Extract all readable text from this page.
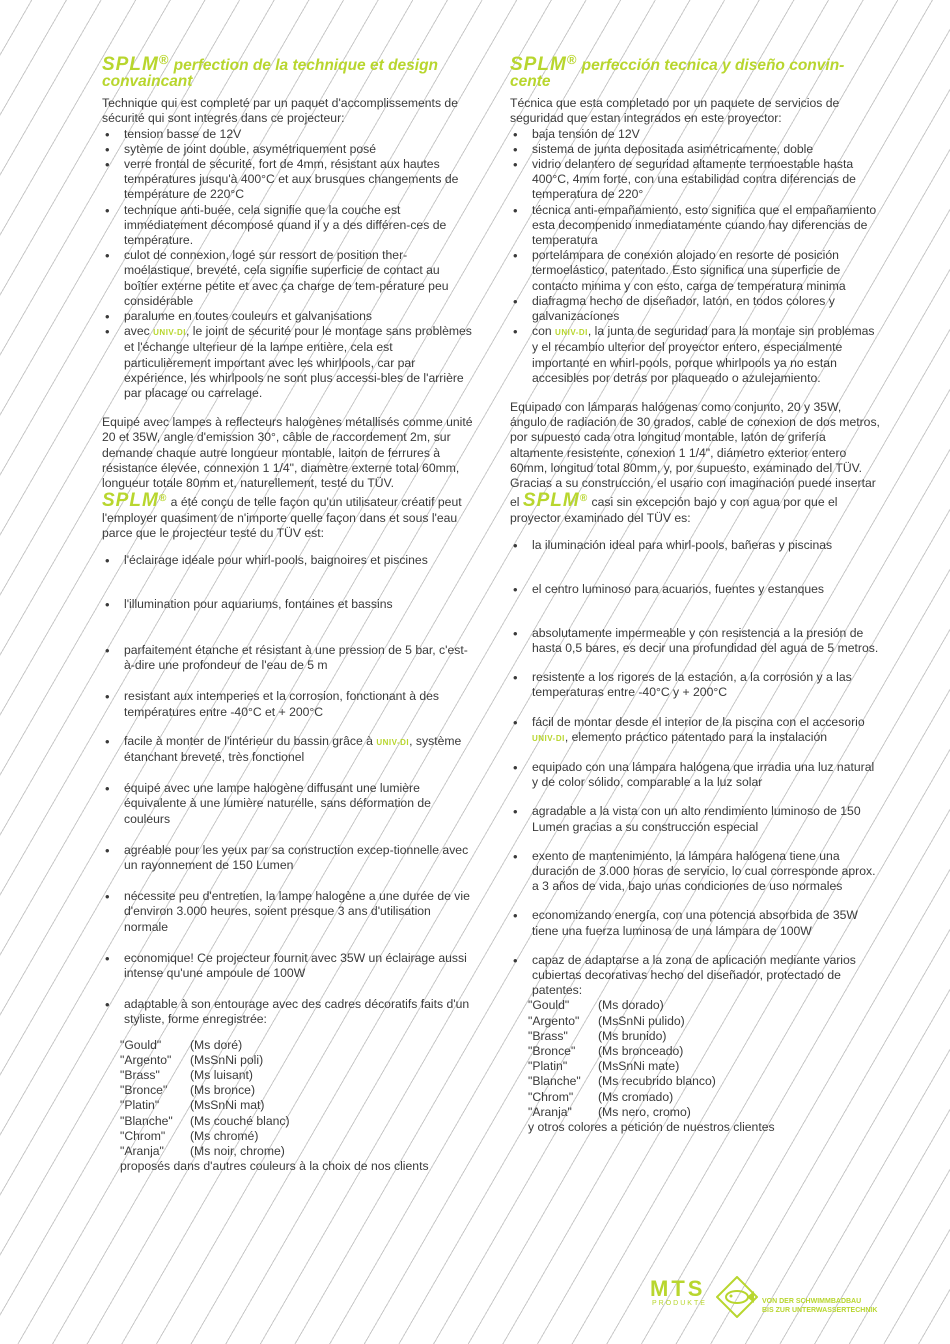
SPLM® perfection de la technique et design convaincant

Technique qui est completé par un paquet d'accomplissements de sécurité qui sont integrés dans ce projecteur:

• tension basse de 12V
• sytème de joint double, asymétriquement posé
• verre frontal de sécurité, fort de 4mm, résistant aux hautes températures jusqu'à 400°C et aux brusques changements de température de 220°C
• technique anti-buée, cela signifie que la couche est immédiatement décomposé quand il y a des différen-ces de température.
• culot de connexion, logé sur ressort de position ther-moélastique, breveté, cela signifie superficie de contact au boîtier externe petite et avec ça charge de tem-pérature peu considérable
• paralume en toutes couleurs et galvanisations
• avec UNIV-DI, le joint de sécurité pour le montage sans problèmes et l'échange ulterieur de la lampe entière, cela est particulièrement important avec les whirlpools, car par expérience, les whirlpools ne sont plus accessi-bles de l'arrière par placage ou carrelage.

Equipé avec lampes à reflecteurs halogènes métallisés comme unité 20 et 35W, angle d'emission 30°, câble de raccordement 2m, sur demande chaque autre longueur montable, laiton de ferrures à résistance élevée, connexion 1 1/4", diamètre externe total 60mm, longueur totale 80mm et, naturellement, testé du TÜV.

SPLM® a été conçu de telle façon qu'un utilisateur créatif peut l'employer quasiment de n'importe quelle façon dans et sous l'eau parce que le projecteur testé du TÜV est:

• l'éclairage idéale pour whirl-pools, baignoires et piscines
• l'illumination pour aquariums, fontaines et bassins
• parfaitement étanche et résistant à une pression de 5 bar, c'est-à-dire une profondeur de l'eau de 5 m
• resistant aux intemperies et la corrosion, fonctionant à des températures entre -40°C et + 200°C
• facile à monter de l'intérieur du bassin grâce à UNIV-DI, système étanchant breveté, très fonctionel
• équipé avec une lampe halogène diffusant une lumière équivalente à une lumière naturelle, sans déformation de couleurs
• agréable pour les yeux par sa construction excep-tionnelle avec un rayonnement de 150 Lumen
• nécessite peu d'entretien, la lampe halogène a une durée de vie d'environ 3.000 heures, soient presque 3 ans d'utilisation normale
• economique! Ce projecteur fournit avec 35W un éclairage aussi intense qu'une ampoule de 100W
• adaptable à son entourage avec des cadres décoratifs faits d'un styliste, forme enregistrée:
"Gould"	(Ms doré)
"Argento"	(MsSnNi poli)
"Brass"	(Ms luisant)
"Bronce"	(Ms bronce)
"Platin"	(MsSnNi mat)
"Blanche"	(Ms couché blanc)
"Chrom"	(Ms chromé)
"Aranja"	(Ms noir, chrome)

proposés dans d'autres couleurs à la choix de nos clients

SPLM® perfección tecnica y diseño convin-cente

Técnica que esta completado por un paquete de servicios de seguridad que estan integrados en este proyector:

• baja tensión de 12V
• sistema de junta depositada asimétricamente, doble
• vidrio delantero de seguridad altamente termoestable hasta 400°C, 4mm forte, con una estabilidad contra diferencias de temperatura de 220°
• técnica anti-empañamiento, esto significa que el empañamiento esta decompenido inmediatamente cuando hay diferencias de temperatura
• portelámpara de conexión alojado en resorte de posición termoelástico, patentado. Esto significa una superficie de contacto minima y con esto, carga de temperatura minima
• diafragma hecho de diseñador, latón, en todos colores y galvanizacíones
• con UNIV-DI, la junta de seguridad para la montaje sin problemas y el recambio ulterior del proyector entero, especialmente importante en whirl-pools, porque whirlpools ya no estan accesibles por detrás por plaqueado o azulejamiento.

Equipado con lámparas halógenas como conjunto, 20 y 35W, ángulo de radiación de 30 grados, cable de conexion de dos metros, por supuesto cada otra longitud montable, latón de grifería altamente resistente, conexion 1 1/4", diámetro exterior entero 60mm, longitud total 80mm, y, por supuesto, examinado del TÜV.

Gracias a su construcción, el usario con imaginación puede insertar el SPLM® casi sin excepción bajo y con agua por que el proyector examinado del TÜV es:

• la iluminación ideal para whirl-pools, bañeras y piscinas
• el centro luminoso para acuarios, fuentes y estanques
• absolutamente impermeable y con resistencia a la presión de hasta 0,5 bares, es decir una profundidad del agua de 5 metros.
• resistente a los rigores de la estación, a la corrosión y a las temperaturas entre -40°C y + 200°C
• fácil de montar desde el interior de la piscina con el accesorio UNIV-DI, elemento práctico patentado para la instalación
• equipado con una lámpara halógena que irradia una luz natural y de color sólido, comparable a la luz solar
• agradable a la vista con un alto rendimiento luminoso de 150 Lumen gracias a su construcción especial
• exento de mantenimiento, la lámpara halógena tiene una duración de 3.000 horas de servicio, lo cual corresponde aprox. a 3 años de vida, bajo unas condiciones de uso normales
• economizando energía, con una potencia absorbida de 35W tiene una fuerza luminosa de una lámpara de 100W
• capaz de adaptarse a la zona de aplicación mediante varios cubiertas decorativas hecho del diseñador, protectado de patentes:
"Gould"	(Ms dorado)
"Argento"	(MsSnNi pulido)
"Brass"	(Ms brunido)
"Bronce"	(Ms bronceado)
"Platin"	(MsSnNi mate)
"Blanche"	(Ms recubrido blanco)
"Chrom"	(Ms cromado)
"Aranja"	(Ms nero, cromo)

y otros colores a petición de nuestros clientes

MTS
PRODUKTE	VON DER SCHWIMMBADBAU
BIS ZUR UNTERWASSERTECHNIK
